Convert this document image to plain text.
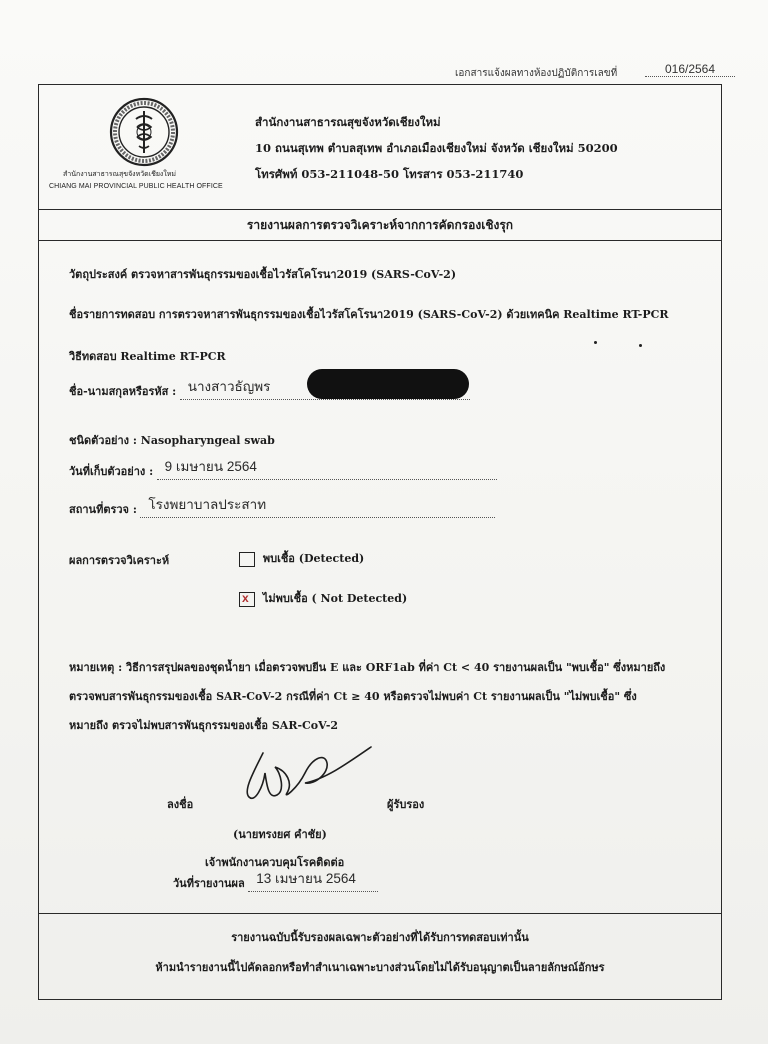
เอกสารแจ้งผลทางห้องปฏิบัติการเลขที่	016/2564
สำนักงานสาธารณสุขจังหวัดเชียงใหม่
CHIANG MAI PROVINCIAL PUBLIC HEALTH OFFICE
สำนักงานสาธารณสุขจังหวัดเชียงใหม่
10 ถนนสุเทพ ตำบลสุเทพ อำเภอเมืองเชียงใหม่ จังหวัด เชียงใหม่ 50200
โทรศัพท์ 053-211048-50 โทรสาร 053-211740
รายงานผลการตรวจวิเคราะห์จากการคัดกรองเชิงรุก
วัตถุประสงค์ ตรวจหาสารพันธุกรรมของเชื้อไวรัสโคโรนา2019 (SARS-CoV-2)
ชื่อรายการทดสอบ การตรวจหาสารพันธุกรรมของเชื้อไวรัสโคโรนา2019 (SARS-CoV-2) ด้วยเทคนิค Realtime RT-PCR
วิธีทดสอบ Realtime RT-PCR
ชื่อ-นามสกุลหรือรหัส : นางสาวธัญพร
ชนิดตัวอย่าง : Nasopharyngeal swab
วันที่เก็บตัวอย่าง : 9 เมษายน 2564
สถานที่ตรวจ : โรงพยาบาลประสาท
ผลการตรวจวิเคราะห์	พบเชื้อ (Detected)
x ไม่พบเชื้อ ( Not Detected)
หมายเหตุ : วิธีการสรุปผลของชุดน้ำยา เมื่อตรวจพบยีน E และ ORF1ab ที่ค่า Ct < 40 รายงานผลเป็น "พบเชื้อ" ซึ่งหมายถึง
ตรวจพบสารพันธุกรรมของเชื้อ SAR-CoV-2 กรณีที่ค่า Ct ≥ 40 หรือตรวจไม่พบค่า Ct รายงานผลเป็น "ไม่พบเชื้อ" ซึ่ง
หมายถึง ตรวจไม่พบสารพันธุกรรมของเชื้อ SAR-CoV-2
ลงชื่อ	ผู้รับรอง
(นายทรงยศ คำชัย)
เจ้าพนักงานควบคุมโรคติดต่อ
วันที่รายงานผล 13 เมษายน 2564
รายงานฉบับนี้รับรองผลเฉพาะตัวอย่างที่ได้รับการทดสอบเท่านั้น
ห้ามนำรายงานนี้ไปคัดลอกหรือทำสำเนาเฉพาะบางส่วนโดยไม่ได้รับอนุญาตเป็นลายลักษณ์อักษร
